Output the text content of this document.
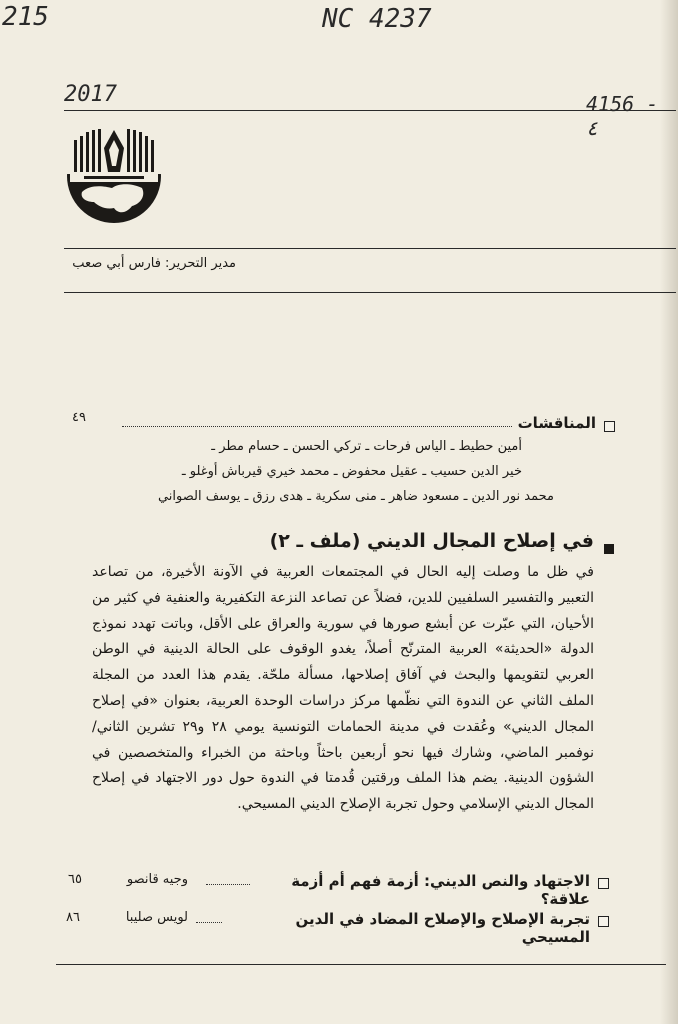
215	NC 4237
2017	4156 - ٤
مدير التحرير: فارس أبي صعب
المناقشات
٤٩
أمين حطيط ـ الياس فرحات ـ تركي الحسن ـ حسام مطر ـ
خير الدين حسيب ـ عقيل محفوض ـ محمد خيري قيرباش أوغلو ـ
محمد نور الدين ـ مسعود ضاهر ـ منى سكرية ـ هدى رزق ـ يوسف الصواني
في إصلاح المجال الديني (ملف ـ ٢)
في ظل ما وصلت إليه الحال في المجتمعات العربية في الآونة الأخيرة، من تصاعد التعبير والتفسير السلفيين للدين، فضلاً عن تصاعد النزعة التكفيرية والعنفية في كثير من الأحيان، التي عبّرت عن أبشع صورها في سورية والعراق على الأقل، وباتت تهدد نموذج الدولة «الحديثة» العربية المترنّح أصلاً، يغدو الوقوف على الحالة الدينية في الوطن العربي لتقويمها والبحث في آفاق إصلاحها، مسألة ملحّة. يقدم هذا العدد من المجلة الملف الثاني عن الندوة التي نظّمها مركز دراسات الوحدة العربية، بعنوان «في إصلاح المجال الديني» وعُقدت في مدينة الحمامات التونسية يومي ٢٨ و٢٩ تشرين الثاني/نوفمبر الماضي، وشارك فيها نحو أربعين باحثاً وباحثة من الخبراء والمتخصصين في الشؤون الدينية. يضم هذا الملف ورقتين قُدمتا في الندوة حول دور الاجتهاد في إصلاح المجال الديني الإسلامي وحول تجربة الإصلاح الديني المسيحي.
الاجتهاد والنص الديني: أزمة فهم أم أزمة علاقة؟
وجيه قانصو
٦٥
تجربة الإصلاح والإصلاح المضاد في الدين المسيحي
لويس صليبا
٨٦
